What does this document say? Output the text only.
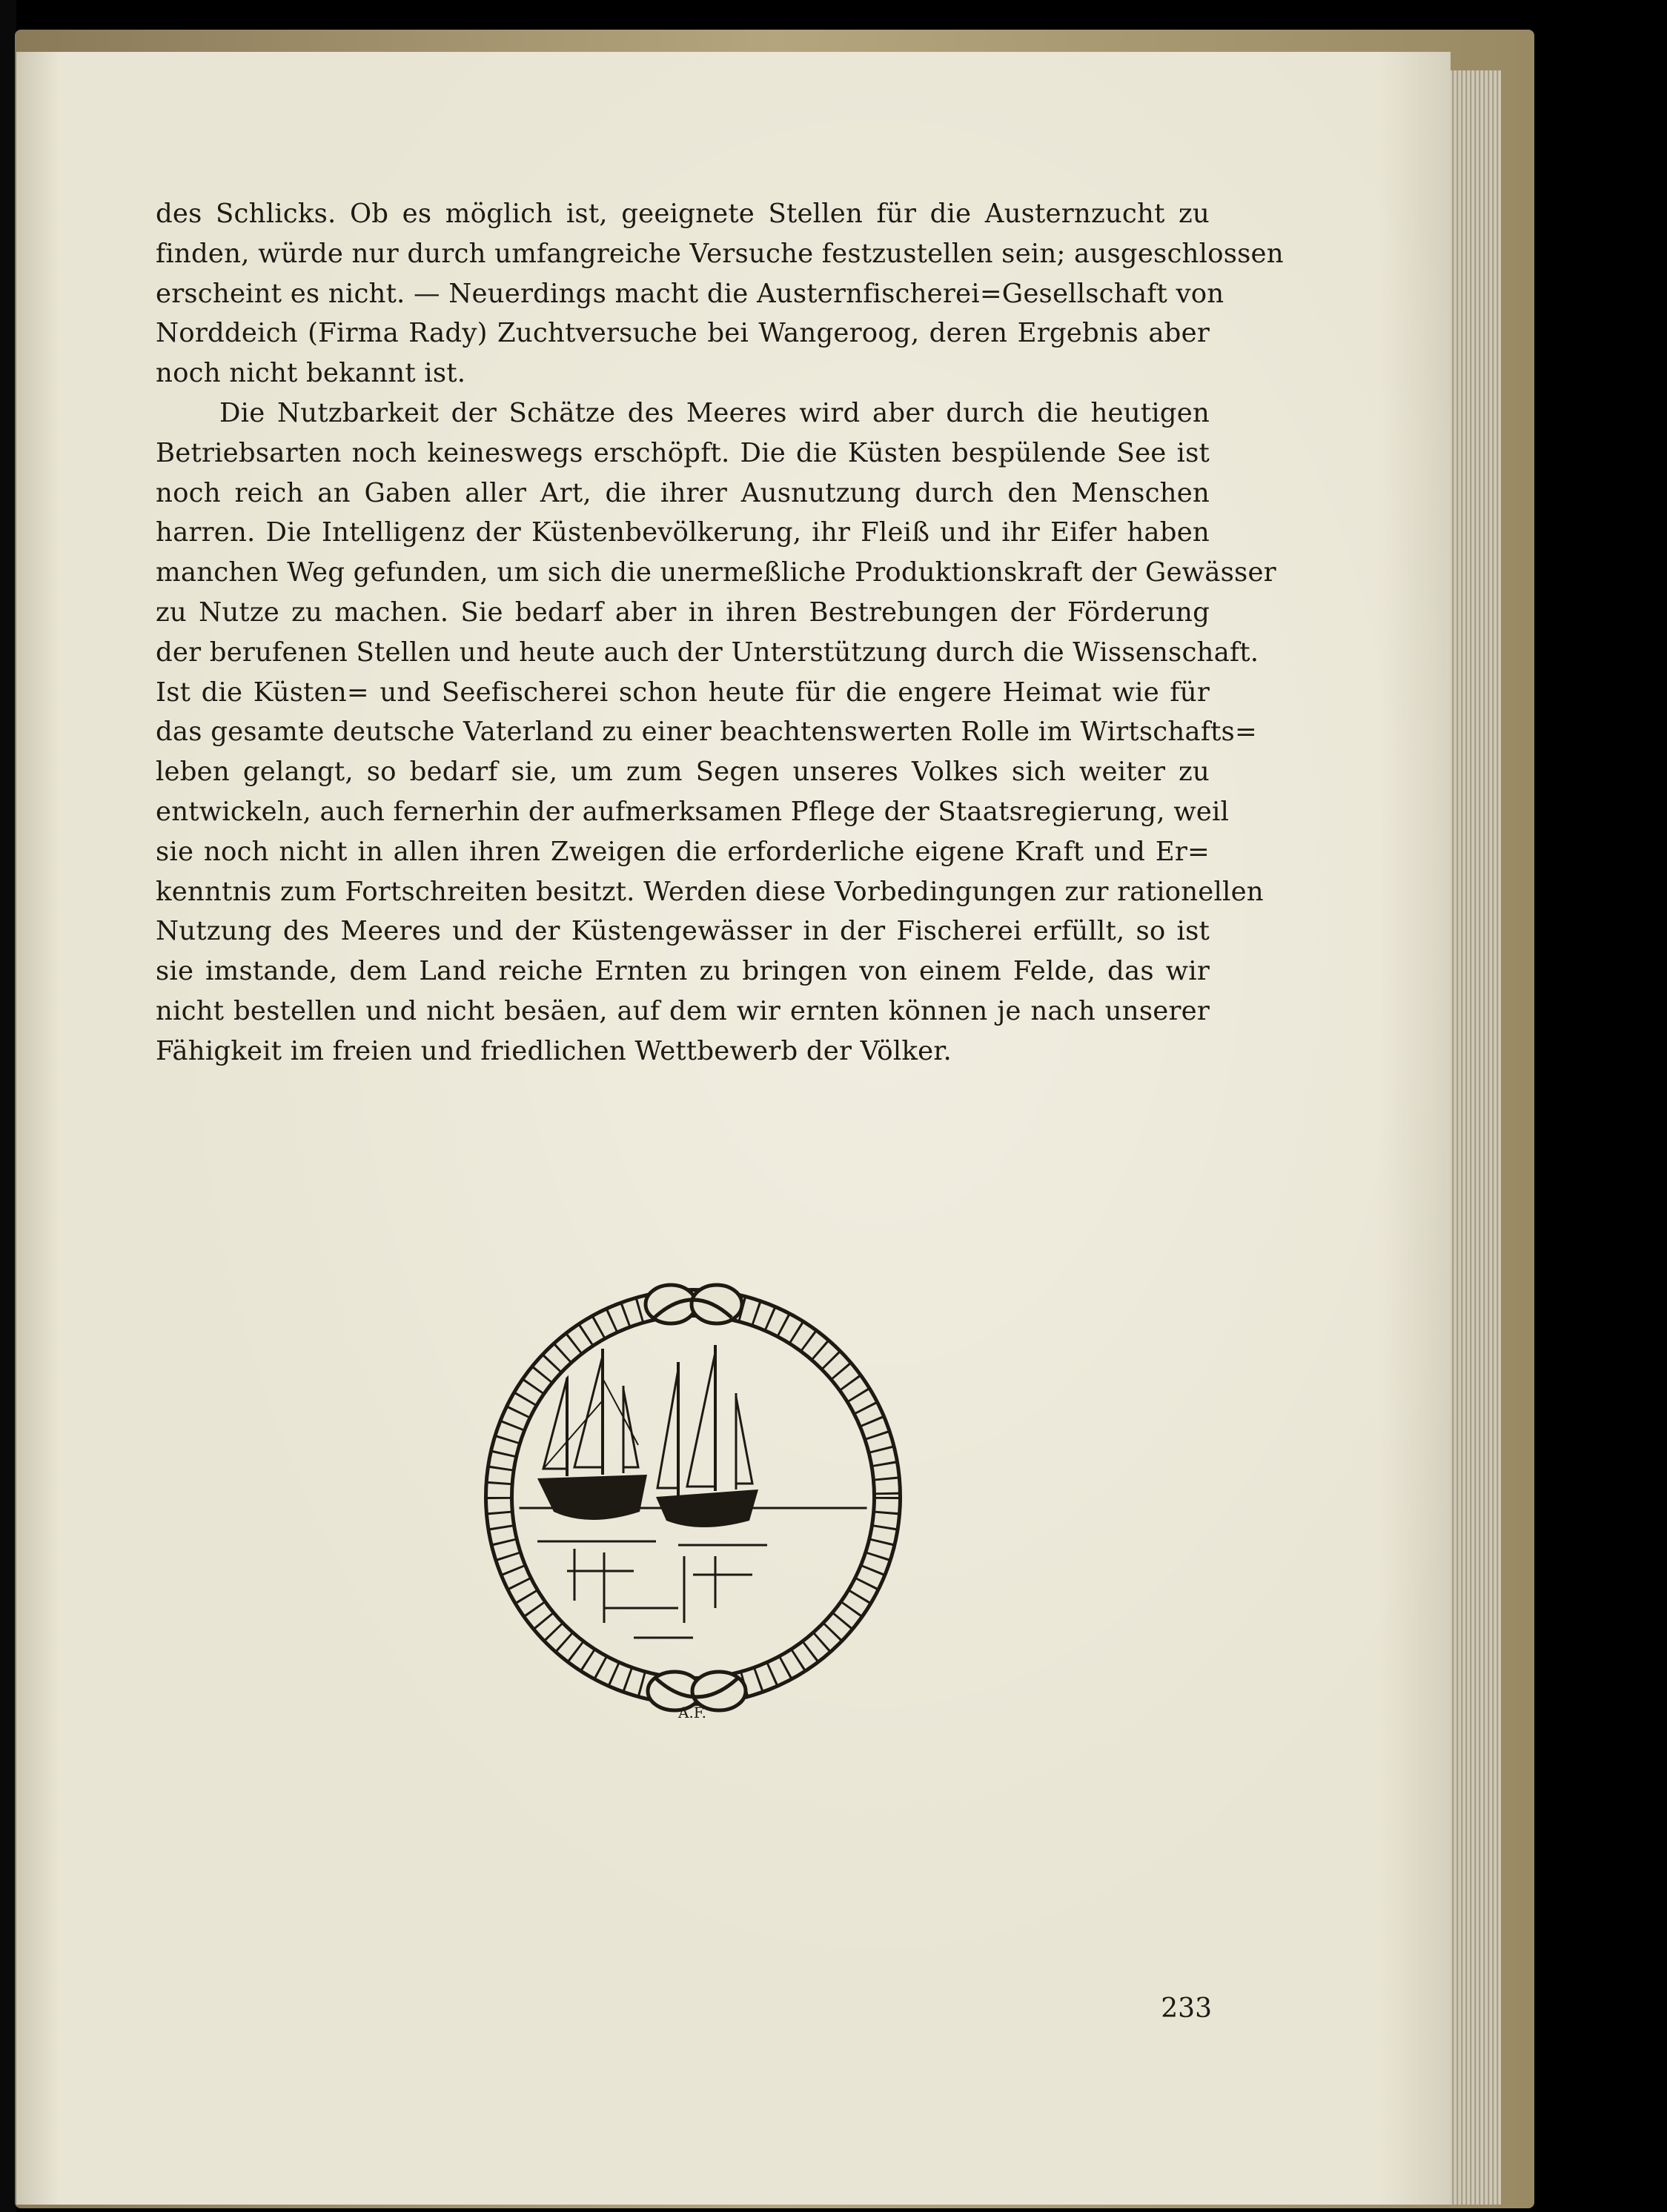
des Schlicks. Ob es möglich ist, geeignete Stellen für die Austernzucht zu
finden, würde nur durch umfangreiche Versuche festzustellen sein; ausgeschlossen
erscheint es nicht. — Neuerdings macht die Austernfischerei=Gesellschaft von
Norddeich (Firma Rady) Zuchtversuche bei Wangeroog, deren Ergebnis aber
noch nicht bekannt ist.
Die Nutzbarkeit der Schätze des Meeres wird aber durch die heutigen
Betriebsarten noch keineswegs erschöpft. Die die Küsten bespülende See ist
noch reich an Gaben aller Art, die ihrer Ausnutzung durch den Menschen
harren. Die Intelligenz der Küstenbevölkerung, ihr Fleiß und ihr Eifer haben
manchen Weg gefunden, um sich die unermeßliche Produktionskraft der Gewässer
zu Nutze zu machen. Sie bedarf aber in ihren Bestrebungen der Förderung
der berufenen Stellen und heute auch der Unterstützung durch die Wissenschaft.
Ist die Küsten= und Seefischerei schon heute für die engere Heimat wie für
das gesamte deutsche Vaterland zu einer beachtenswerten Rolle im Wirtschafts=
leben gelangt, so bedarf sie, um zum Segen unseres Volkes sich weiter zu
entwickeln, auch fernerhin der aufmerksamen Pflege der Staatsregierung, weil
sie noch nicht in allen ihren Zweigen die erforderliche eigene Kraft und Er=
kenntnis zum Fortschreiten besitzt. Werden diese Vorbedingungen zur rationellen
Nutzung des Meeres und der Küstengewässer in der Fischerei erfüllt, so ist
sie imstande, dem Land reiche Ernten zu bringen von einem Felde, das wir
nicht bestellen und nicht besäen, auf dem wir ernten können je nach unserer
Fähigkeit im freien und friedlichen Wettbewerb der Völker.
A.F.
233
